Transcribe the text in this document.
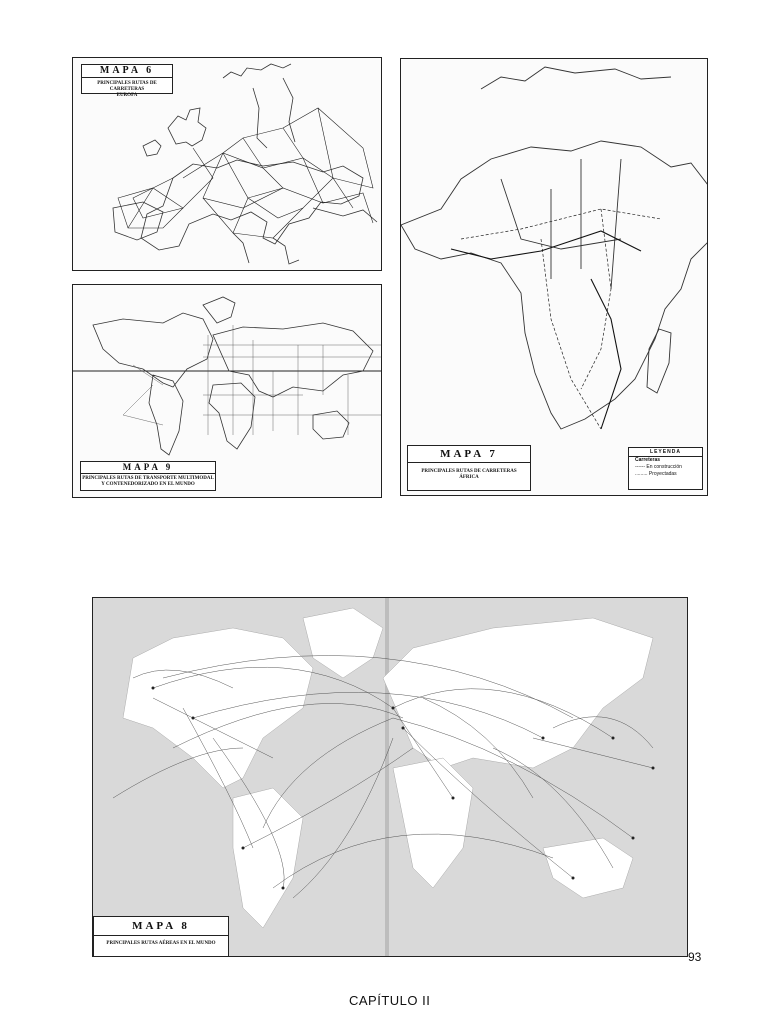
MAPA 6
PRINCIPALES RUTAS DE CARRETERAS
EUROPA
MAPA 9
PRINCIPALES RUTAS DE TRANSPORTE MULTIMODAL
Y CONTENEDORIZADO EN EL MUNDO
MAPA 7
PRINCIPALES RUTAS DE CARRETERAS
ÁFRICA
LEYENDA
Carreteras
------ En construcción
......... Proyectadas
MAPA 8
PRINCIPALES RUTAS AÉREAS EN EL MUNDO
93
CAPÍTULO II
